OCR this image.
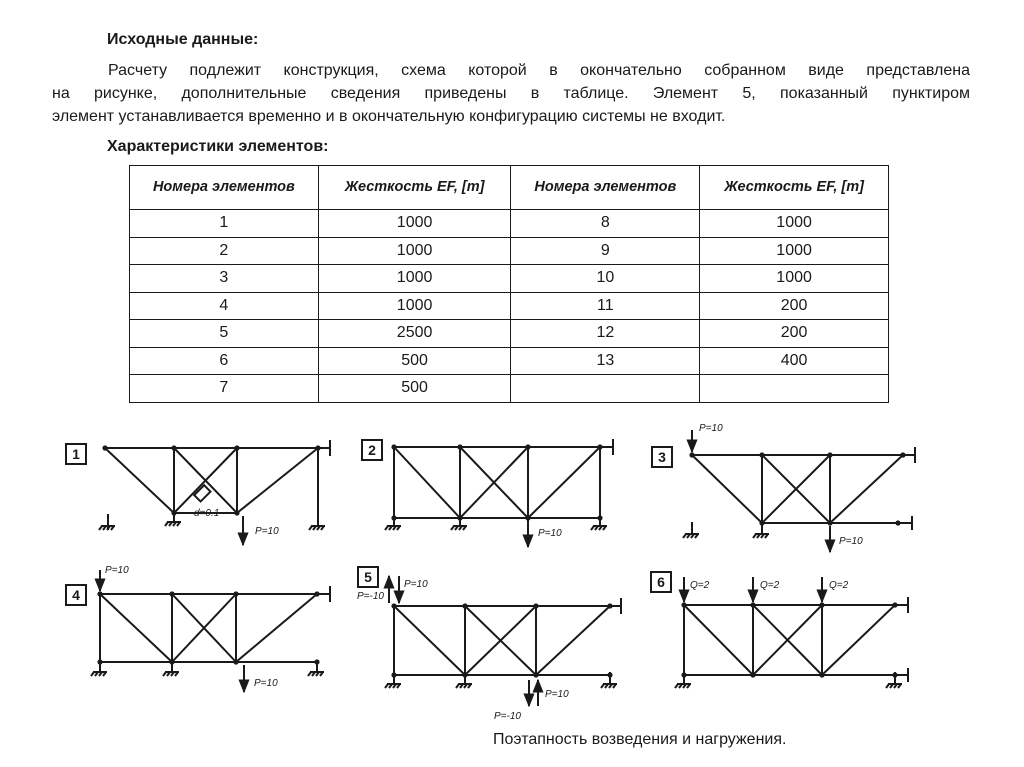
Исходные данные:
Расчету подлежит конструкция, схема которой в окончательно собранном виде представлена
на рисунке, дополнительные сведения приведены в таблице. Элемент 5, показанный пунктиром
элемент устанавливается временно и в окончательную конфигурацию системы не входит.
Характеристики элементов:
Номера элементов	Жесткость EF, [т]	Номера элементов	Жесткость EF, [т]
1	1000	8	1000
2	1000	9	1000
3	1000	10	1000
4	1000	11	200
5	2500	12	200
6	500	13	400
7	500		
1	2	3
4
5	6
d=0.1
P=10	P=10
P=10
P=10
P=10
P=10
P=10
P=-10
P=10
P=-10
Q=2	Q=2	Q=2
Поэтапность возведения и нагружения.
